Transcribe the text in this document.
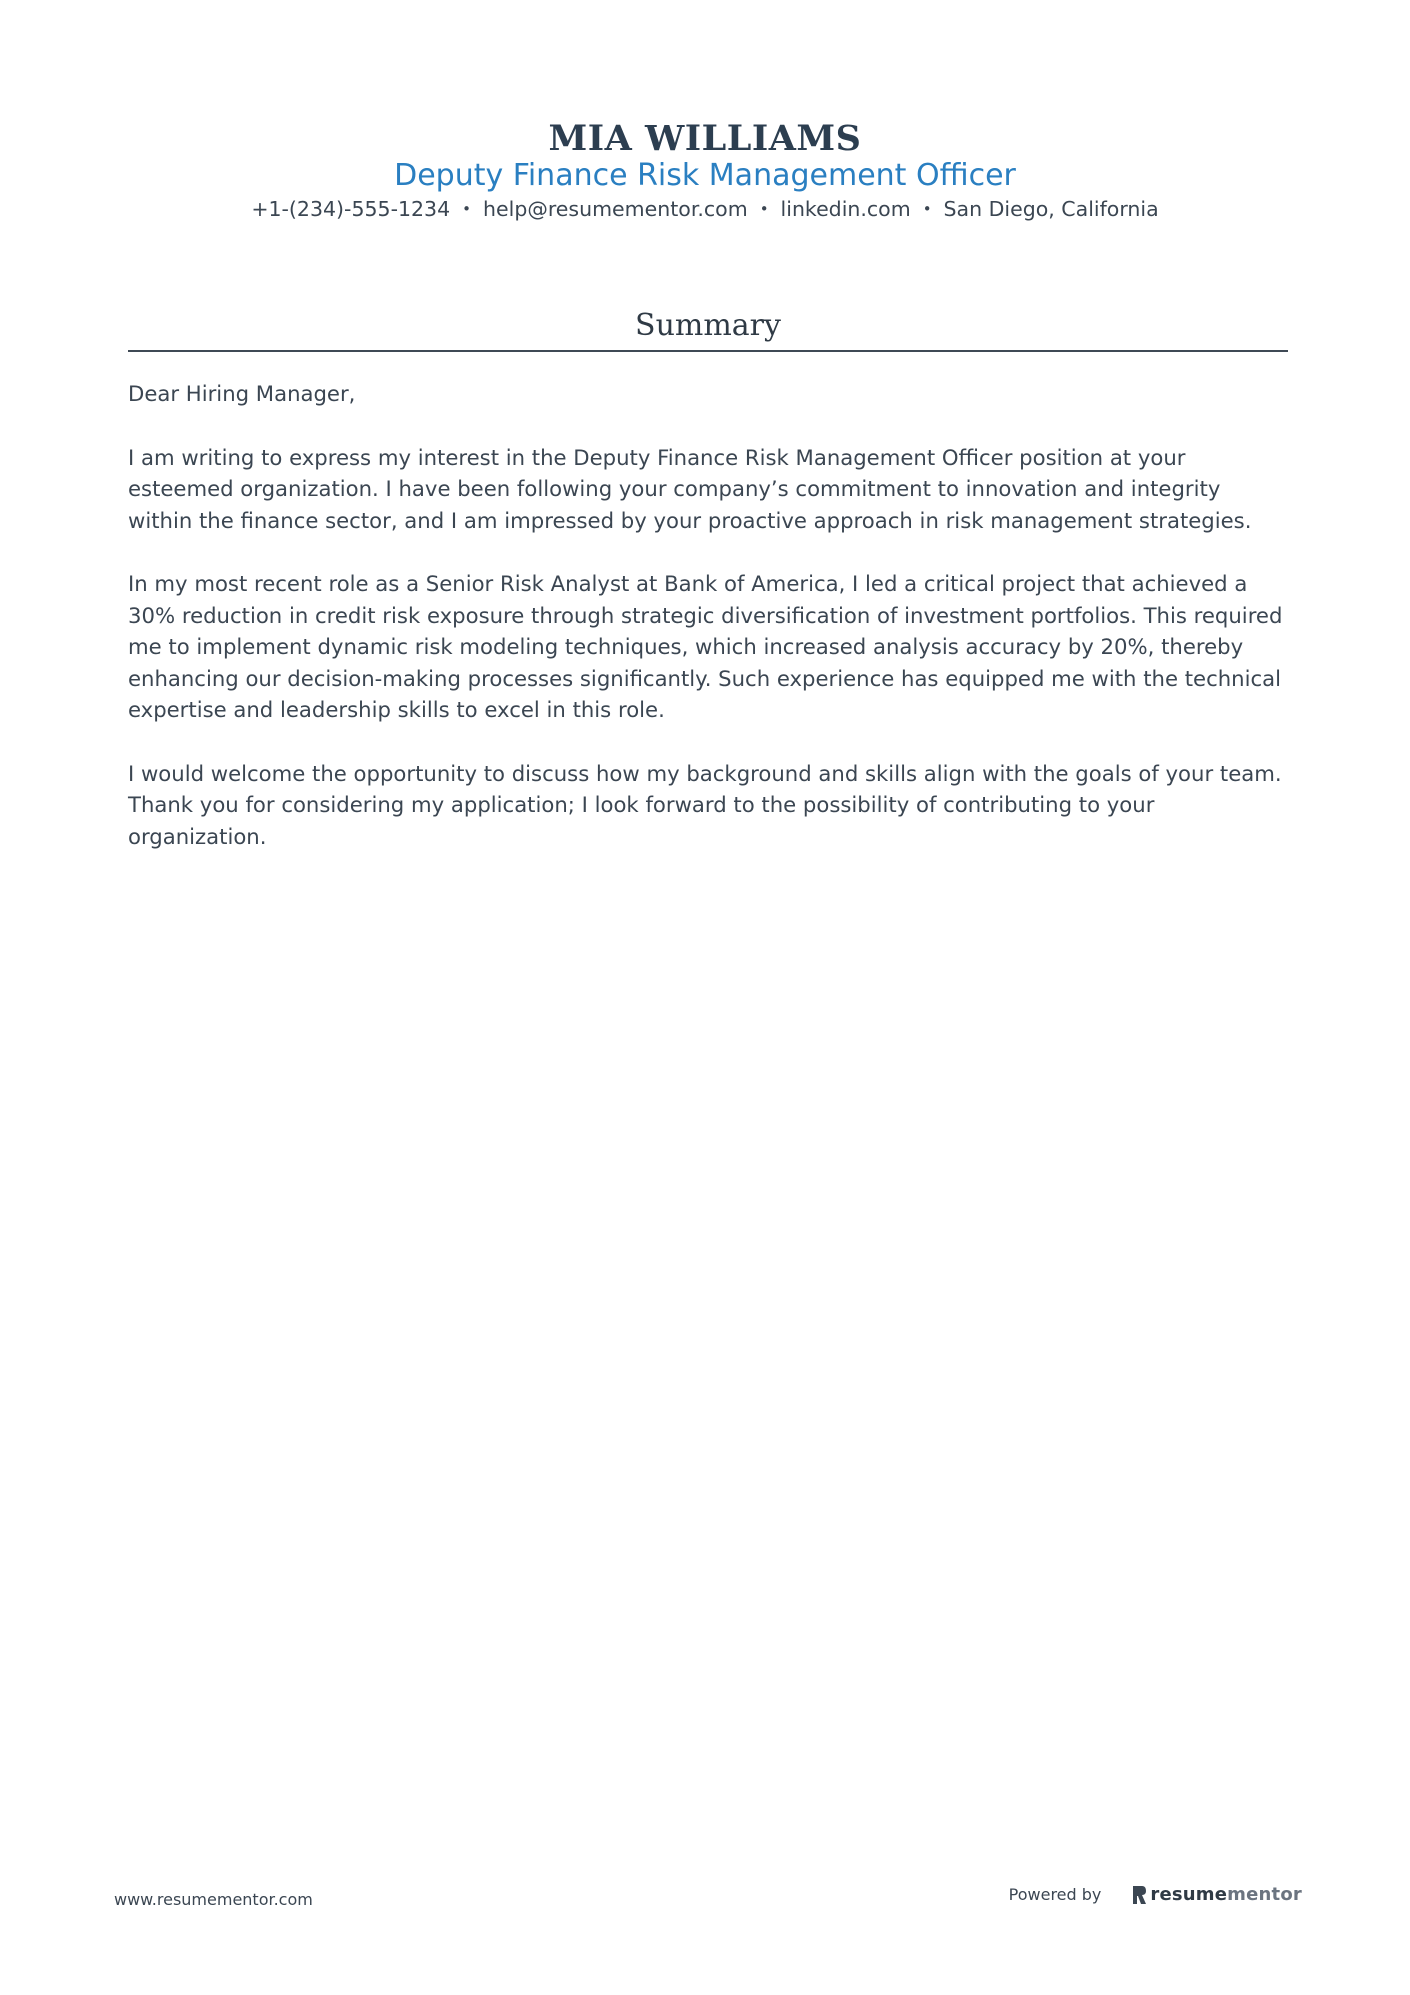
MIA WILLIAMS
Deputy Finance Risk Management Officer
+1-(234)-555-1234 • help@resumementor.com • linkedin.com • San Diego, California
Summary

Dear Hiring Manager,

I am writing to express my interest in the Deputy Finance Risk Management Officer position at your esteemed organization. I have been following your company’s commitment to innovation and integrity within the finance sector, and I am impressed by your proactive approach in risk management strategies.

In my most recent role as a Senior Risk Analyst at Bank of America, I led a critical project that achieved a 30% reduction in credit risk exposure through strategic diversification of investment portfolios. This required me to implement dynamic risk modeling techniques, which increased analysis accuracy by 20%, thereby enhancing our decision-making processes significantly. Such experience has equipped me with the technical expertise and leadership skills to excel in this role.

I would welcome the opportunity to discuss how my background and skills align with the goals of your team. Thank you for considering my application; I look forward to the possibility of contributing to your organization.

www.resumementor.com	Powered by	resume mentor
